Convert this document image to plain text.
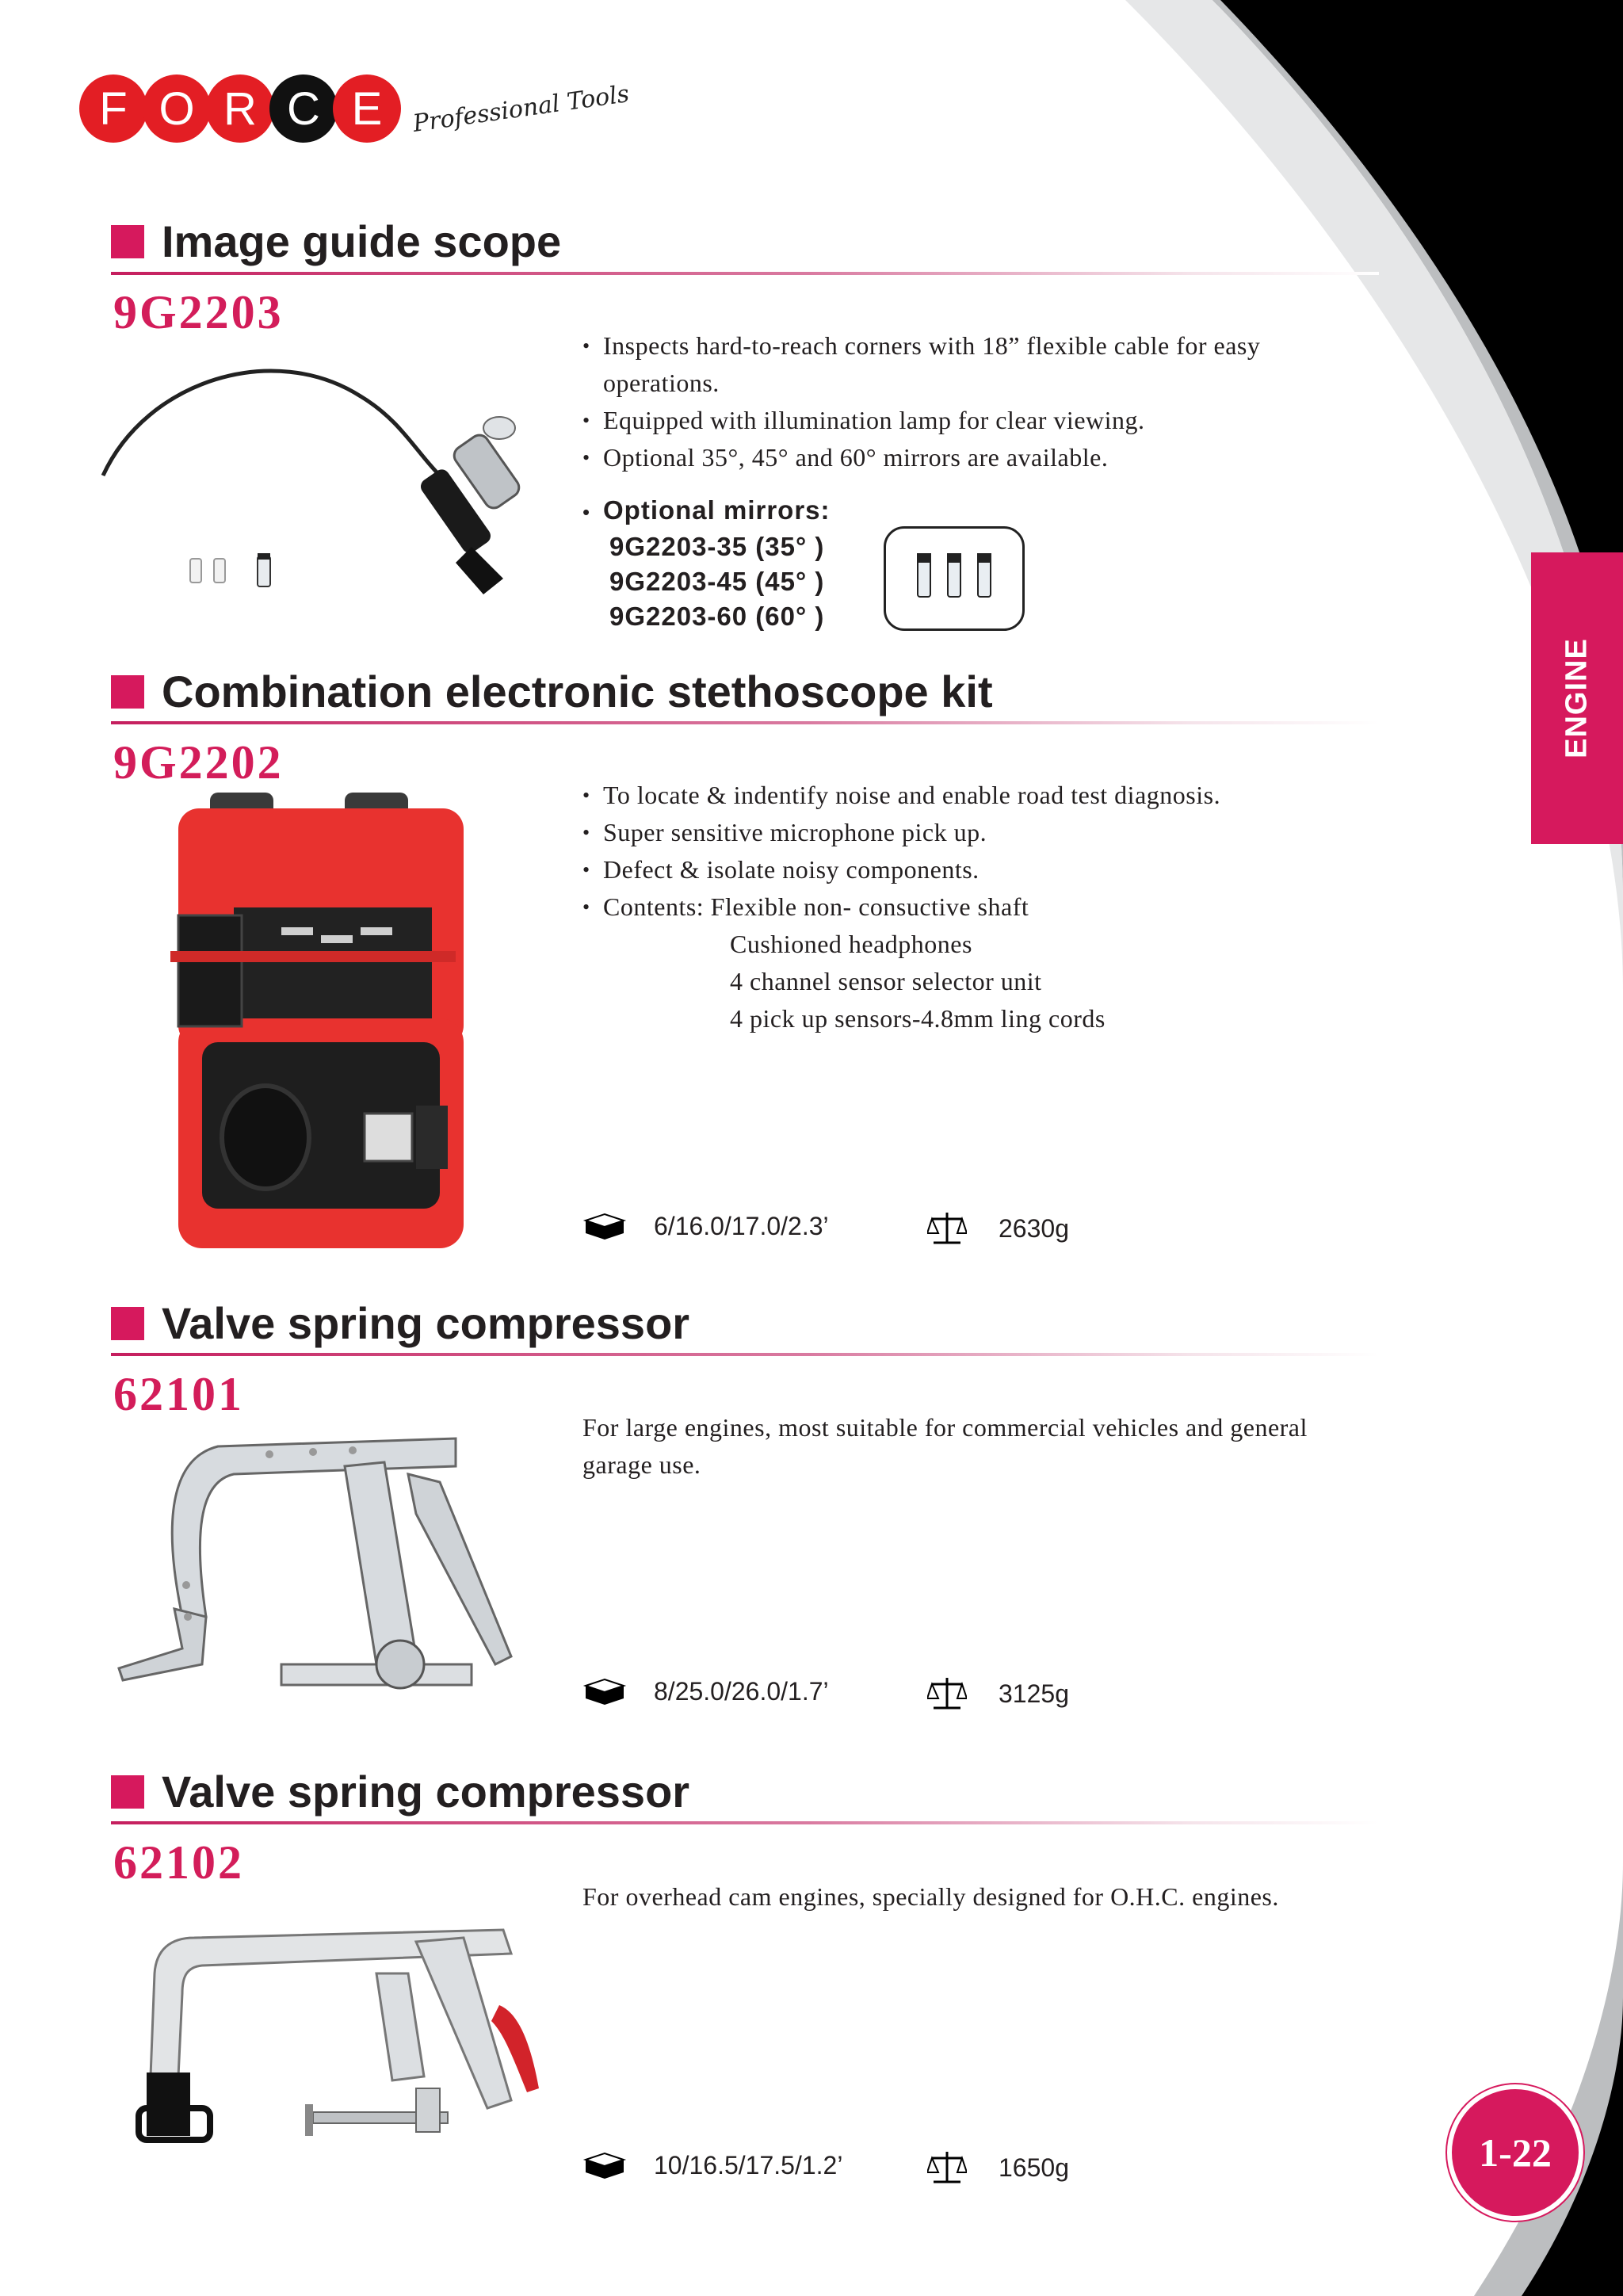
F O R C E	Professional Tools
Image guide scope
9G2203
• Inspects hard-to-reach corners with 18” flexible cable for easy
operations.
• Equipped with illumination lamp for clear viewing.
• Optional 35°, 45° and 60° mirrors are available.
• Optional mirrors:
9G2203-35 (35° )
9G2203-45 (45° )
9G2203-60 (60° )
Combination electronic stethoscope kit
9G2202
• To locate & indentify noise and enable road test diagnosis.
• Super sensitive microphone pick up.
• Defect & isolate noisy components.
• Contents: Flexible non- consuctive shaft
Cushioned headphones
4 channel sensor selector unit
4 pick up sensors-4.8mm ling cords
6/16.0/17.0/2.3’	2630g
Valve spring compressor
62101
For large engines, most suitable for commercial vehicles and general
garage use.
8/25.0/26.0/1.7’	3125g
Valve spring compressor
62102
For overhead cam engines, specially designed for O.H.C. engines.
10/16.5/17.5/1.2’	1650g
ENGINE
1-22
